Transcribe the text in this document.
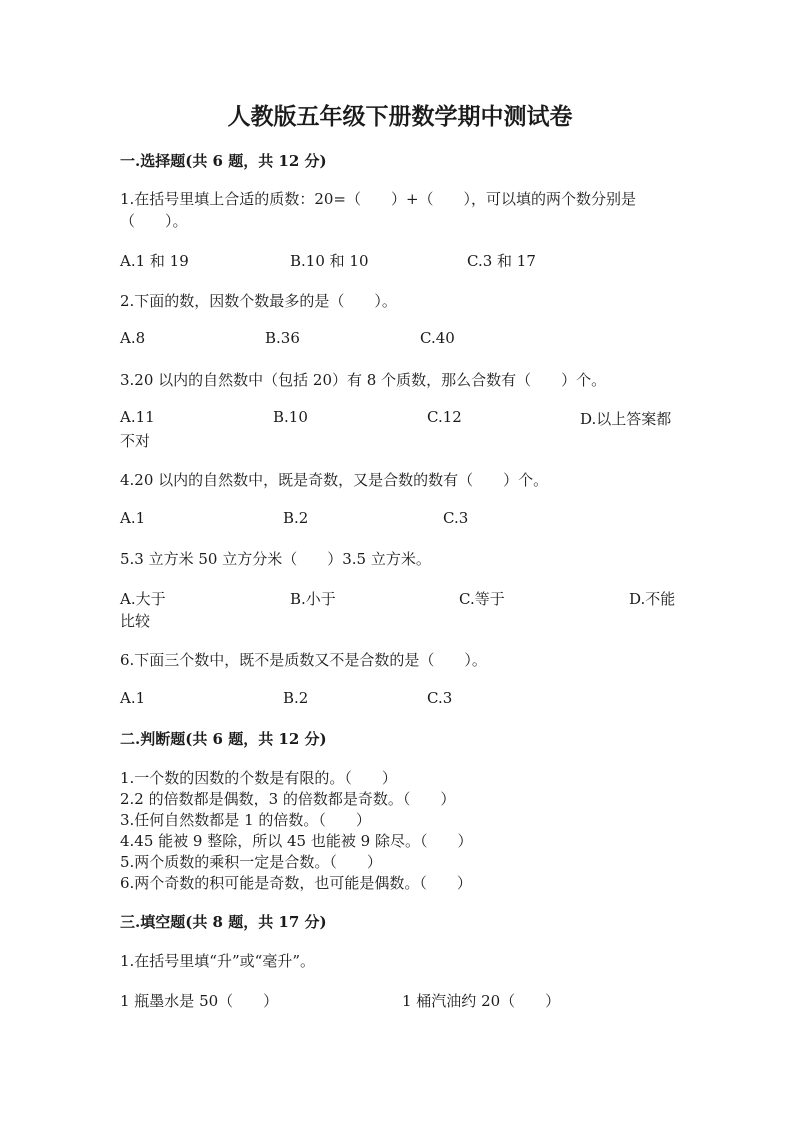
人教版五年级下册数学期中测试卷
一.选择题(共 6 题，共 12 分)
1.在括号里填上合适的质数：20=（　　）+（　　），可以填的两个数分别是
（　　）。
A.1 和 19	B.10 和 10	C.3 和 17
2.下面的数，因数个数最多的是（　　）。
A.8	B.36	C.40
3.20 以内的自然数中（包括 20）有 8 个质数，那么合数有（　　）个。
A.11	B.10	C.12	D.以上答案都
不对
4.20 以内的自然数中，既是奇数，又是合数的数有（　　）个。
A.1	B.2	C.3
5.3 立方米 50 立方分米（　　）3.5 立方米。
A.大于	B.小于	C.等于	D.不能
比较
6.下面三个数中，既不是质数又不是合数的是（　　）。
A.1	B.2	C.3
二.判断题(共 6 题，共 12 分)
1.一个数的因数的个数是有限的。（　　）
2.2 的倍数都是偶数，3 的倍数都是奇数。（　　）
3.任何自然数都是 1 的倍数。（　　）
4.45 能被 9 整除，所以 45 也能被 9 除尽。（　　）
5.两个质数的乘积一定是合数。（　　）
6.两个奇数的积可能是奇数，也可能是偶数。（　　）
三.填空题(共 8 题，共 17 分)
1.在括号里填“升”或“毫升”。
1 瓶墨水是 50（　　）	1 桶汽油约 20（　　）
